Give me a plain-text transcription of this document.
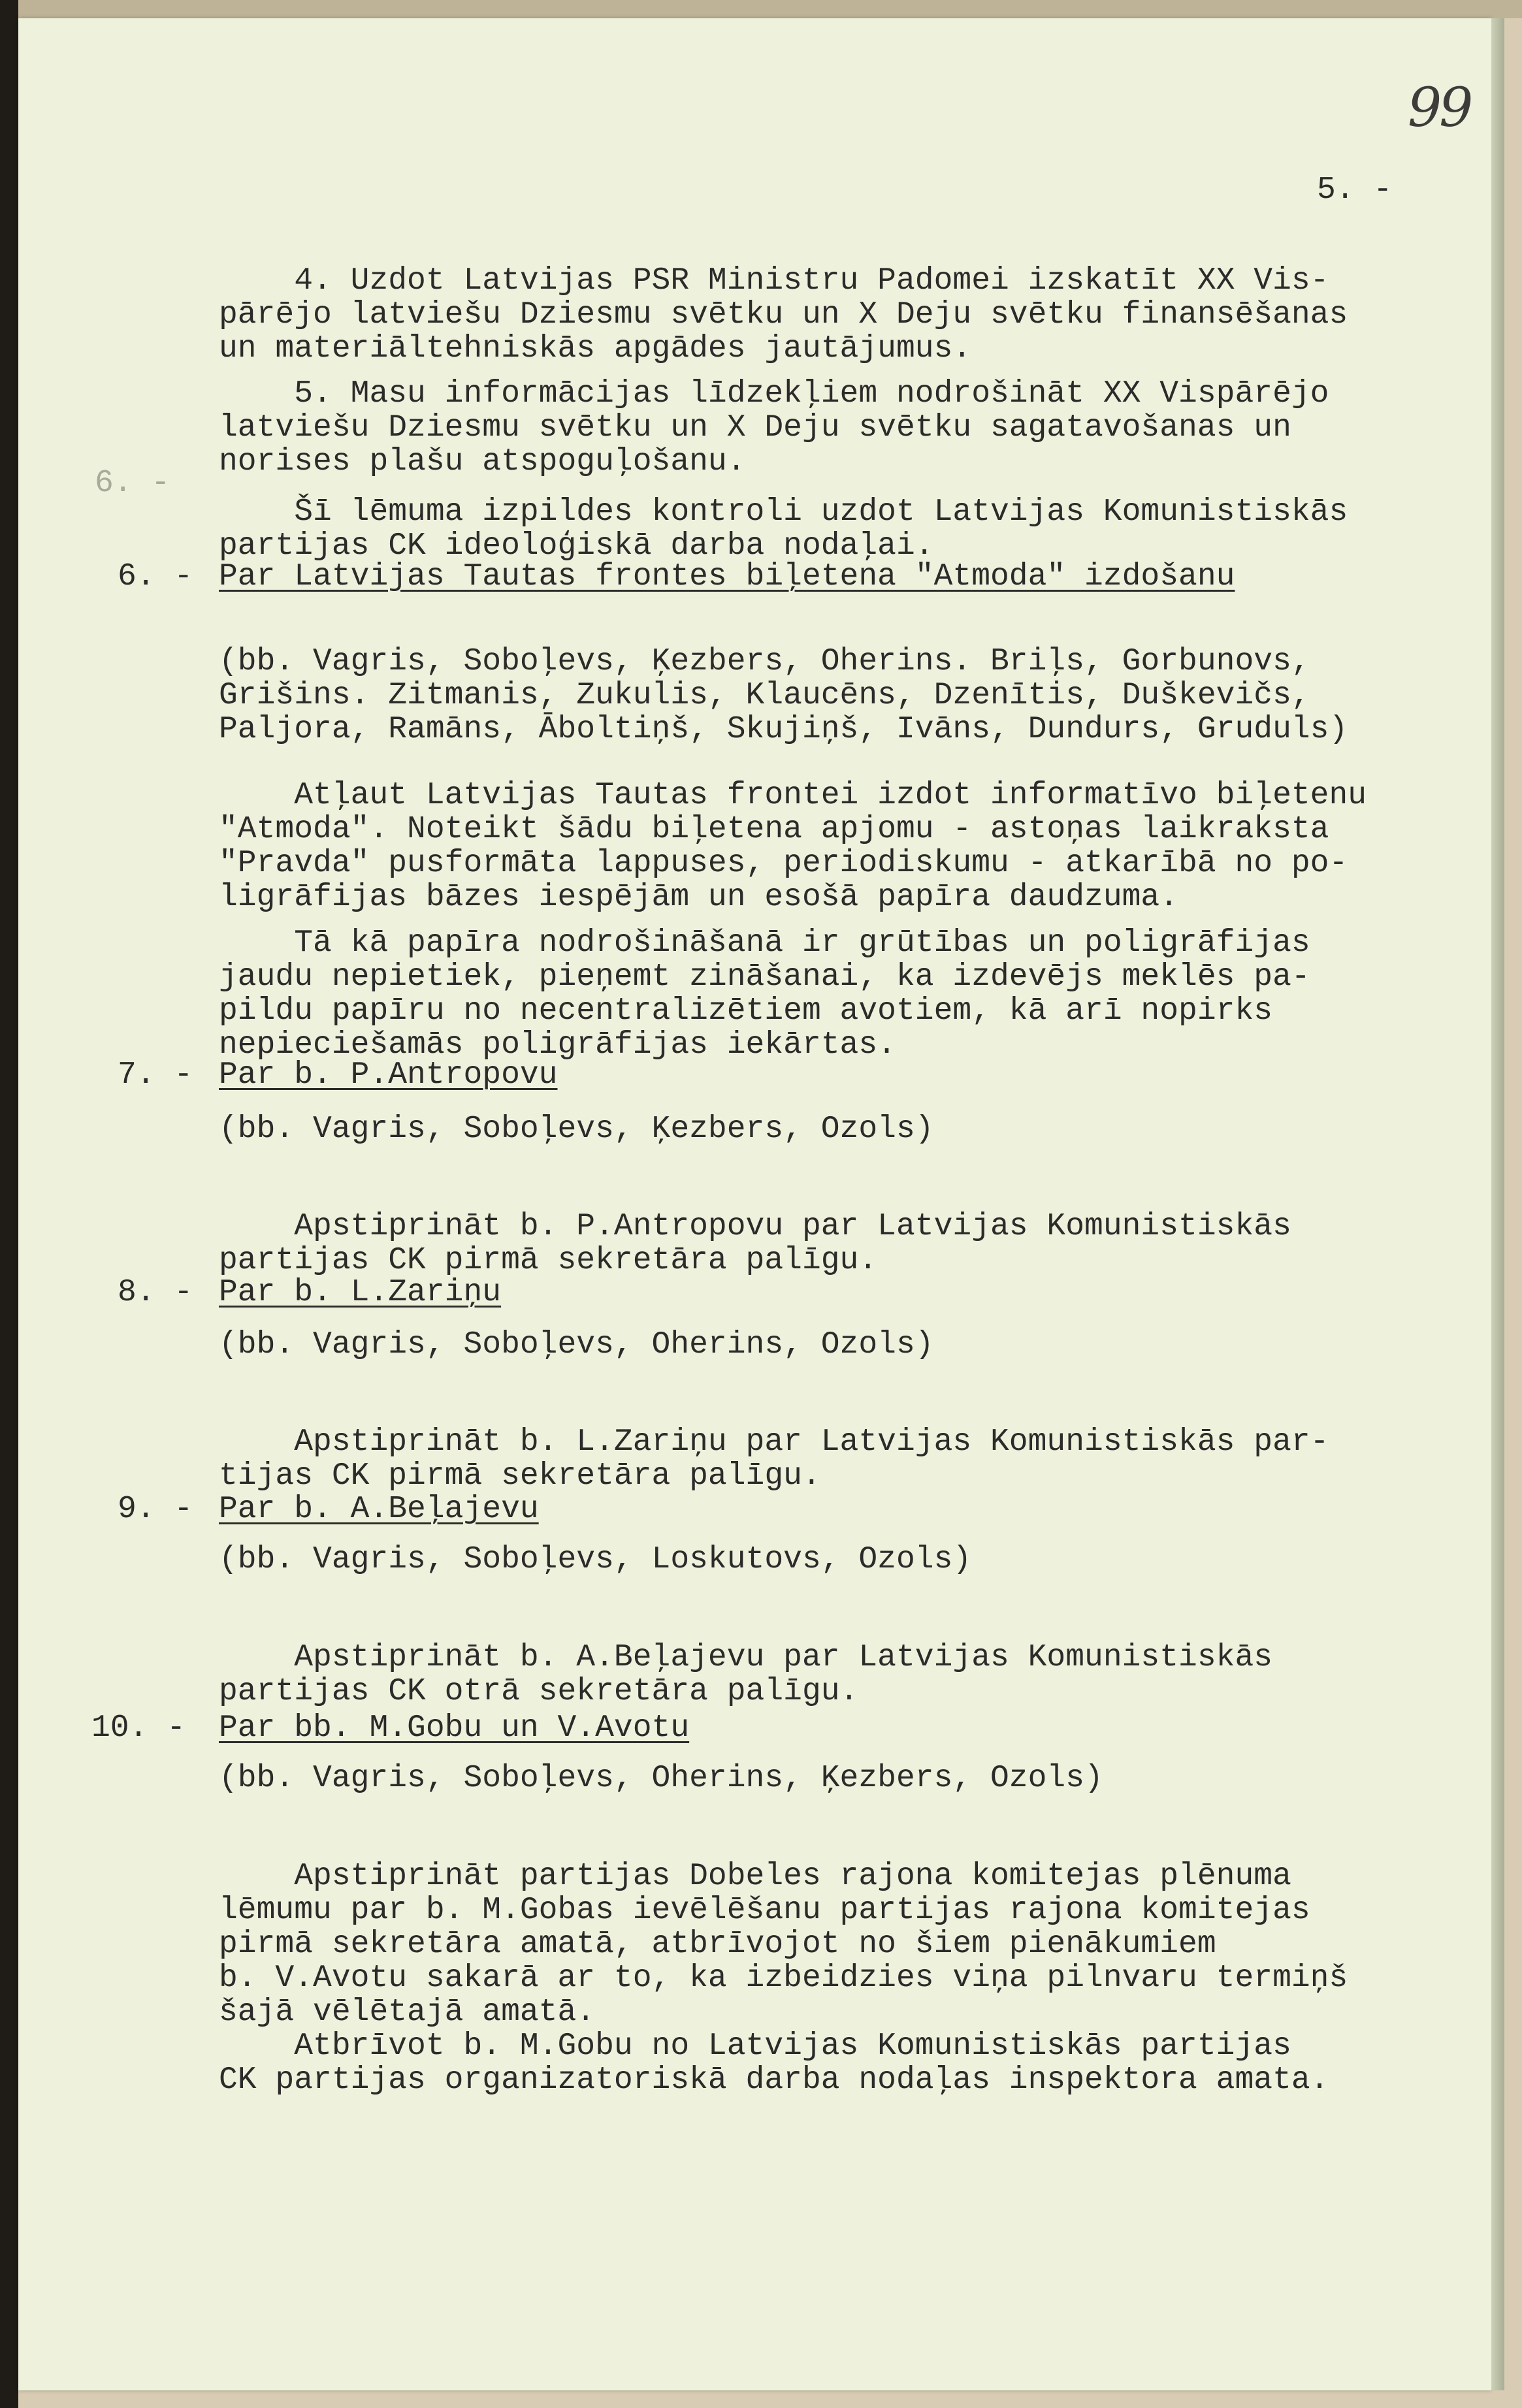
99
5. -
6. -

4. Uzdot Latvijas PSR Ministru Padomei izskatīt XX Vis-
pārējo latviešu Dziesmu svētku un X Deju svētku finansēšanas
un materiāltehniskās apgādes jautājumus.

5. Masu informācijas līdzekļiem nodrošināt XX Vispārējo
latviešu Dziesmu svētku un X Deju svētku sagatavošanas un
norises plašu atspoguļošanu.

Šī lēmuma izpildes kontroli uzdot Latvijas Komunistiskās
partijas CK ideoloģiskā darba nodaļai.
6. - Par Latvijas Tautas frontes biļetena "Atmoda" izdošanu

(bb. Vagris, Soboļevs, Ķezbers, Oherins. Briļs, Gorbunovs,
Grišins. Zitmanis, Zukulis, Klaucēns, Dzenītis, Duškevičs,
Paljora, Ramāns, Āboltiņš, Skujiņš, Ivāns, Dundurs, Gruduls)

Atļaut Latvijas Tautas frontei izdot informatīvo biļetenu
"Atmoda". Noteikt šādu biļetena apjomu - astoņas laikraksta
"Pravda" pusformāta lappuses, periodiskumu - atkarībā no po-
ligrāfijas bāzes iespējām un esošā papīra daudzuma.
Tā kā papīra nodrošināšanā ir grūtības un poligrāfijas
jaudu nepietiek, pieņemt zināšanai, ka izdevējs meklēs pa-
pildu papīru no necentralizētiem avotiem, kā arī nopirks
nepieciešamās poligrāfijas iekārtas.
7. - Par b. P.Antropovu
(bb. Vagris, Soboļevs, Ķezbers, Ozols)

Apstiprināt b. P.Antropovu par Latvijas Komunistiskās
partijas CK pirmā sekretāra palīgu.
8. - Par b. L.Zariņu
(bb. Vagris, Soboļevs, Oherins, Ozols)

Apstiprināt b. L.Zariņu par Latvijas Komunistiskās par-
tijas CK pirmā sekretāra palīgu.
9. - Par b. A.Beļajevu
(bb. Vagris, Soboļevs, Loskutovs, Ozols)

Apstiprināt b. A.Beļajevu par Latvijas Komunistiskās
partijas CK otrā sekretāra palīgu.
10. - Par bb. M.Gobu un V.Avotu
(bb. Vagris, Soboļevs, Oherins, Ķezbers, Ozols)

Apstiprināt partijas Dobeles rajona komitejas plēnuma
lēmumu par b. M.Gobas ievēlēšanu partijas rajona komitejas
pirmā sekretāra amatā, atbrīvojot no šiem pienākumiem
b. V.Avotu sakarā ar to, ka izbeidzies viņa pilnvaru termiņš
šajā vēlētajā amatā.
Atbrīvot b. M.Gobu no Latvijas Komunistiskās partijas
CK partijas organizatoriskā darba nodaļas inspektora amata.
